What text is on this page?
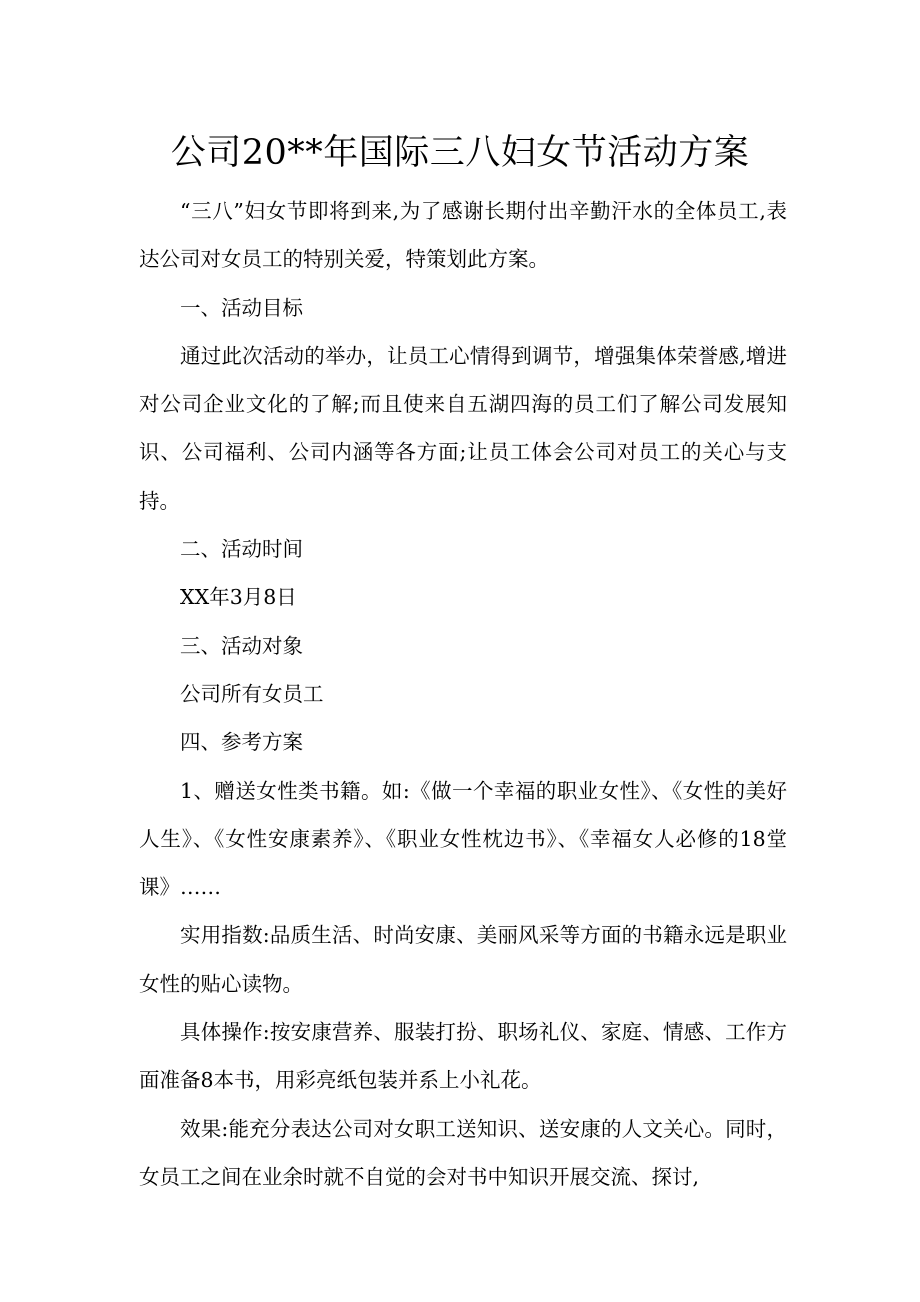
公司20**年国际三八妇女节活动方案

“三八”妇女节即将到来,为了感谢长期付出辛勤汗水的全体员工,表达公司对女员工的特别关爱，特策划此方案。

一、活动目标

通过此次活动的举办，让员工心情得到调节，增强集体荣誉感,增进对公司企业文化的了解;而且使来自五湖四海的员工们了解公司发展知识、公司福利、公司内涵等各方面;让员工体会公司对员工的关心与支持。

二、活动时间

XX年3月8日

三、活动对象

公司所有女员工

四、参考方案

1、赠送女性类书籍。如:《做一个幸福的职业女性》、《女性的美好人生》、《女性安康素养》、《职业女性枕边书》、《幸福女人必修的18堂课》……

实用指数:品质生活、时尚安康、美丽风采等方面的书籍永远是职业女性的贴心读物。

具体操作:按安康营养、服装打扮、职场礼仪、家庭、情感、工作方面准备8本书，用彩亮纸包装并系上小礼花。

效果:能充分表达公司对女职工送知识、送安康的人文关心。同时，女员工之间在业余时就不自觉的会对书中知识开展交流、探讨,
